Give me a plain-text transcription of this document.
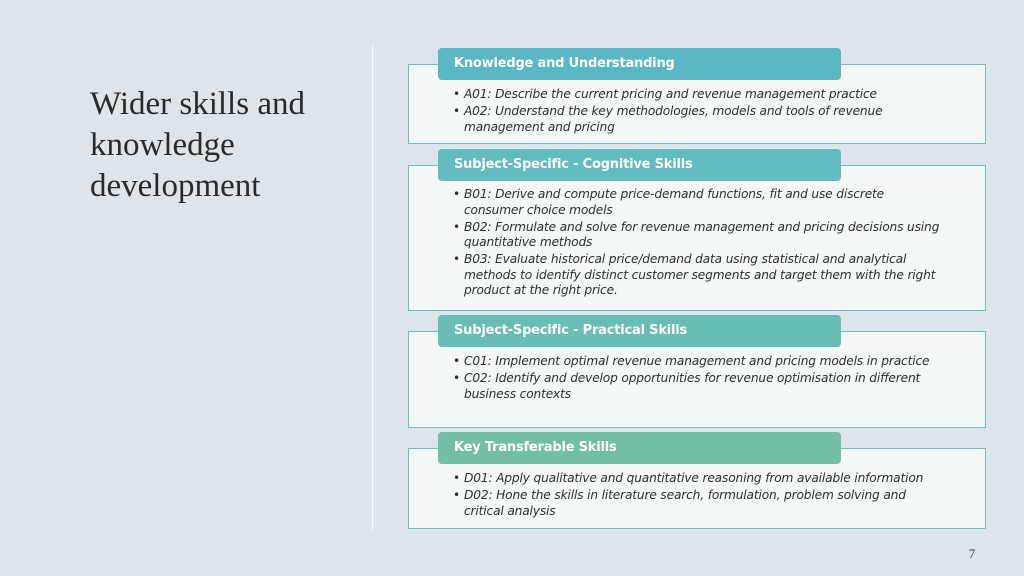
Wider skills and knowledge development
• A01: Describe the current pricing and revenue management practice
• A02: Understand the key methodologies, models and tools of revenue management and pricing
Knowledge and Understanding
• B01: Derive and compute price-demand functions, fit and use discrete consumer choice models
• B02: Formulate and solve for revenue management and pricing decisions using quantitative methods
• B03: Evaluate historical price/demand data using statistical and analytical methods to identify distinct customer segments and target them with the right product at the right price.
Subject-Specific - Cognitive Skills
• C01: Implement optimal revenue management and pricing models in practice
• C02: Identify and develop opportunities for revenue optimisation in different business contexts
Subject-Specific - Practical Skills
• D01: Apply qualitative and quantitative reasoning from available information
• D02: Hone the skills in literature search, formulation, problem solving and critical analysis
Key Transferable Skills
7
